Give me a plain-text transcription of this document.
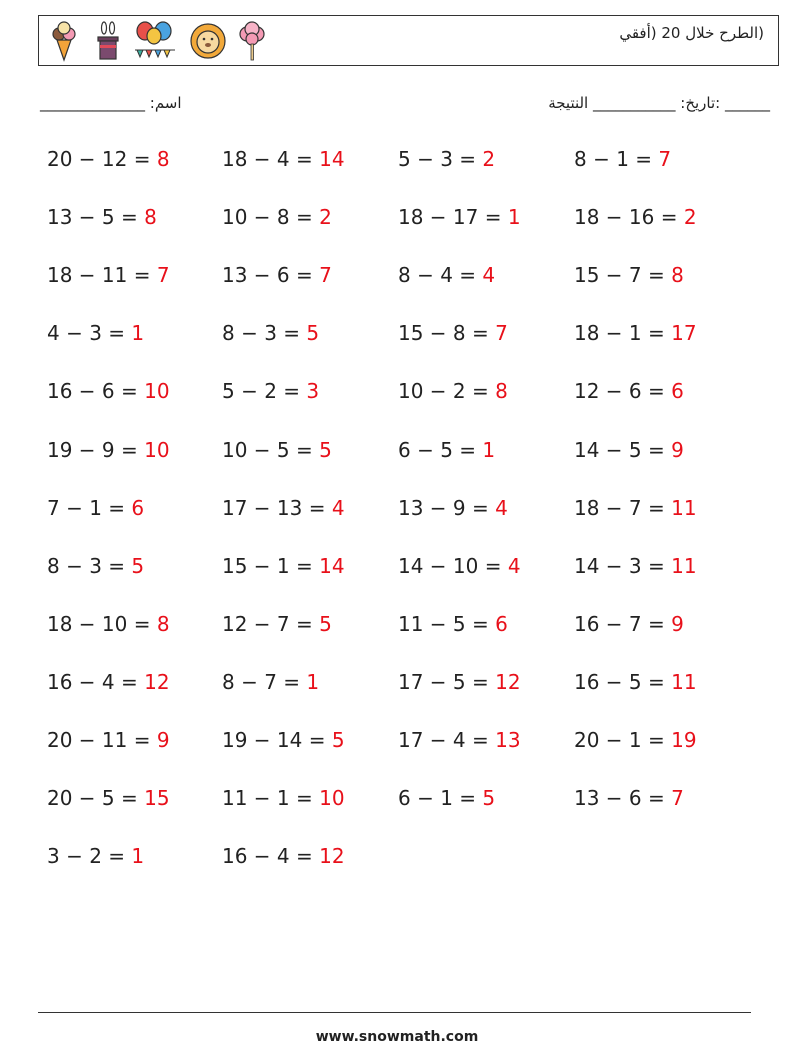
(الطرح خلال 20 (أفقي
اسم: ______________	______ :تاريخ: ___________ النتيجة
20 − 12 = 8	18 − 4 = 14	5 − 3 = 2	8 − 1 = 7
13 − 5 = 8	10 − 8 = 2	18 − 17 = 1	18 − 16 = 2
18 − 11 = 7	13 − 6 = 7	8 − 4 = 4	15 − 7 = 8
4 − 3 = 1	8 − 3 = 5	15 − 8 = 7	18 − 1 = 17
16 − 6 = 10	5 − 2 = 3	10 − 2 = 8	12 − 6 = 6
19 − 9 = 10	10 − 5 = 5	6 − 5 = 1	14 − 5 = 9
7 − 1 = 6	17 − 13 = 4	13 − 9 = 4	18 − 7 = 11
8 − 3 = 5	15 − 1 = 14	14 − 10 = 4	14 − 3 = 11
18 − 10 = 8	12 − 7 = 5	11 − 5 = 6	16 − 7 = 9
16 − 4 = 12	8 − 7 = 1	17 − 5 = 12	16 − 5 = 11
20 − 11 = 9	19 − 14 = 5	17 − 4 = 13	20 − 1 = 19
20 − 5 = 15	11 − 1 = 10	6 − 1 = 5	13 − 6 = 7
3 − 2 = 1	16 − 4 = 12
www.snowmath.com
